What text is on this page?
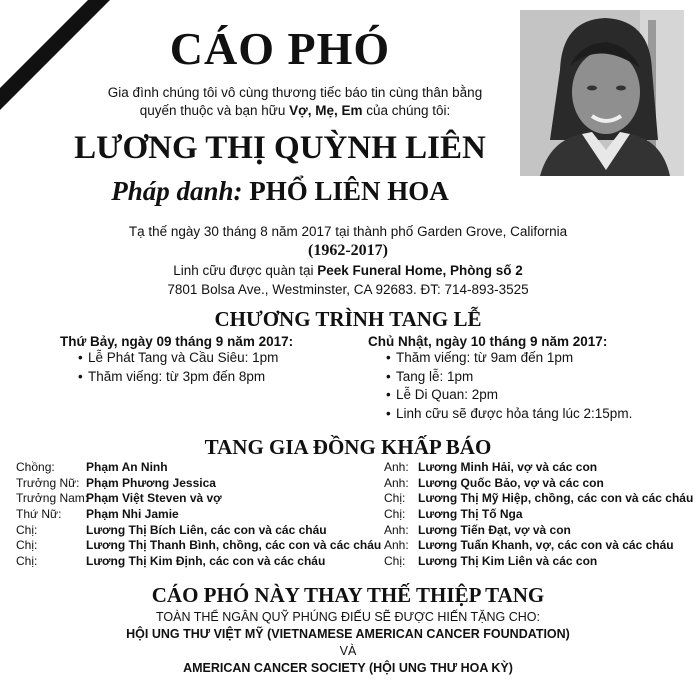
CÁO PHÓ
Gia đình chúng tôi vô cùng thương tiếc báo tin cùng thân bằng
quyến thuộc và bạn hữu Vợ, Mẹ, Em của chúng tôi:
LƯƠNG THỊ QUỲNH LIÊN
Pháp danh: PHỔ LIÊN HOA
Tạ thế ngày 30 tháng 8 năm 2017 tại thành phố Garden Grove, California
(1962-2017)
Linh cữu được quàn tại Peek Funeral Home, Phòng số 2
7801 Bolsa Ave., Westminster, CA 92683. ĐT: 714-893-3525
CHƯƠNG TRÌNH TANG LỄ
Thứ Bảy, ngày 09 tháng 9 năm 2017:
• Lễ Phát Tang và Cầu Siêu: 1pm
• Thăm viếng: từ 3pm đến 8pm
Chủ Nhật, ngày 10 tháng 9 năm 2017:
• Thăm viếng: từ 9am đến 1pm
• Tang lễ: 1pm
• Lễ Di Quan: 2pm
• Linh cữu sẽ được hỏa táng lúc 2:15pm.
TANG GIA ĐỒNG KHẤP BÁO
Chồng:	Phạm An Ninh
Trưởng Nữ: Phạm Phương Jessica
Trưởng Nam:Phạm Việt Steven và vợ
Thứ Nữ: Phạm Nhi Jamie
Chị:	Lương Thị Bích Liên, các con và các cháu
Chị:	Lương Thị Thanh Bình, chồng, các con và các cháu
Chị:	Lương Thị Kim Định, các con và các cháu
Anh: Lương Minh Hải, vợ và các con
Anh: Lương Quốc Bảo, vợ và các con
Chị: Lương Thị Mỹ Hiệp, chồng, các con và các cháu
Chị: Lương Thị Tố Nga
Anh: Lương Tiến Đạt, vợ và con
Anh: Lương Tuấn Khanh, vợ, các con và các cháu
Chị: Lương Thị Kim Liên và các con
CÁO PHÓ NÀY THAY THẾ THIỆP TANG
TOÀN THỂ NGÂN QUỸ PHÚNG ĐIẾU SẼ ĐƯỢC HIẾN TẶNG CHO:
HỘI UNG THƯ VIỆT MỸ (VIETNAMESE AMERICAN CANCER FOUNDATION)
VÀ
AMERICAN CANCER SOCIETY (HỘI UNG THƯ HOA KỲ)
